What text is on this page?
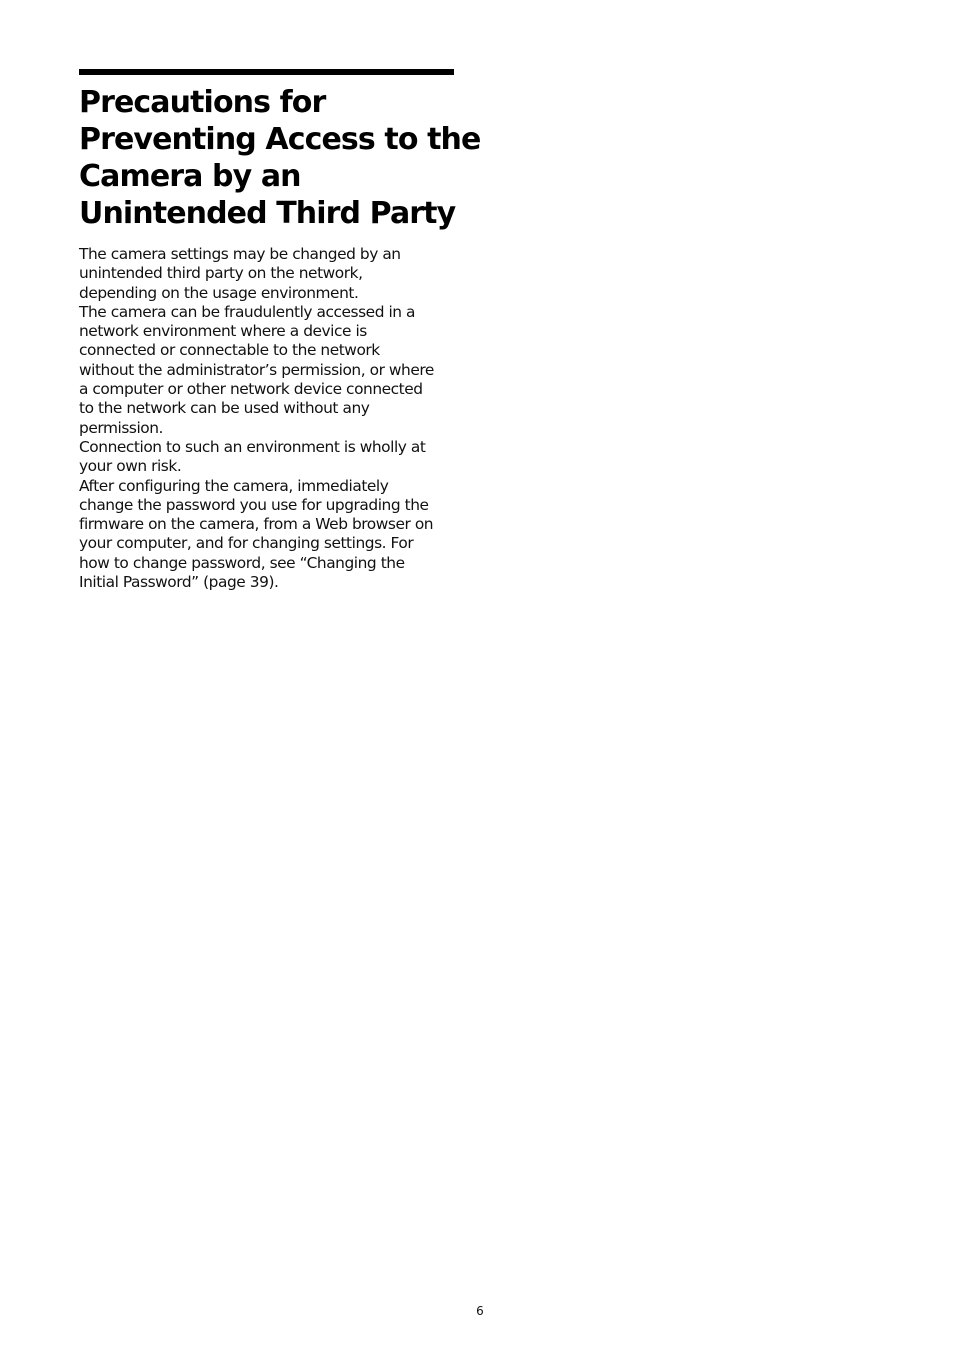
Precautions for
Preventing Access to the
Camera by an
Unintended Third Party
The camera settings may be changed by an
unintended third party on the network,
depending on the usage environment.
The camera can be fraudulently accessed in a
network environment where a device is
connected or connectable to the network
without the administrator’s permission, or where
a computer or other network device connected
to the network can be used without any
permission.
Connection to such an environment is wholly at
your own risk.
After configuring the camera, immediately
change the password you use for upgrading the
firmware on the camera, from a Web browser on
your computer, and for changing settings. For
how to change password, see “Changing the
Initial Password” (page 39).
6
